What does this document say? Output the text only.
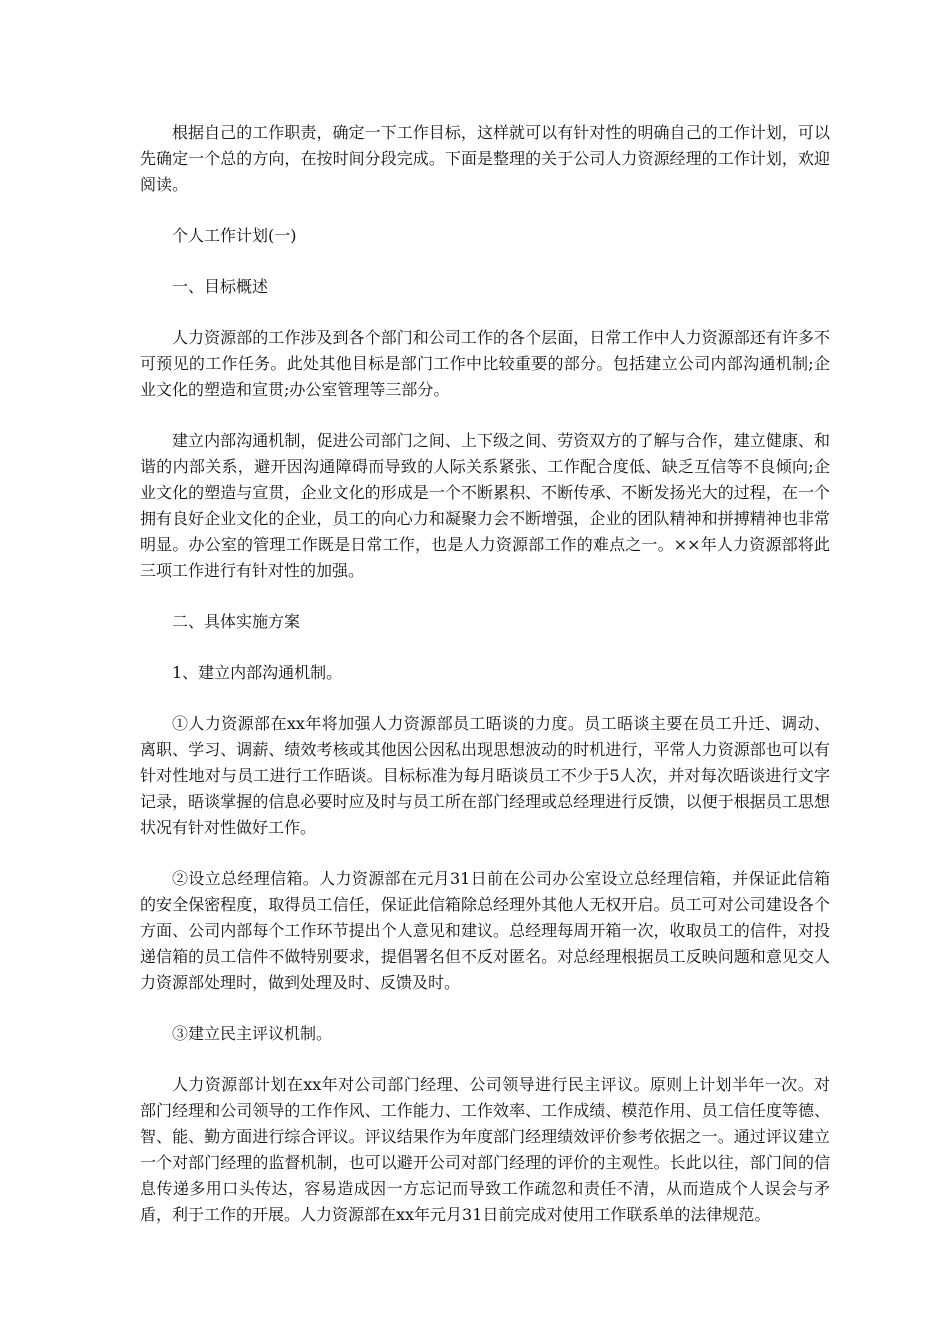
根据自己的工作职责，确定一下工作目标，这样就可以有针对性的明确自己的工作计划，可以先确定一个总的方向，在按时间分段完成。下面是整理的关于公司人力资源经理的工作计划，欢迎阅读。

个人工作计划(一)

一、目标概述

人力资源部的工作涉及到各个部门和公司工作的各个层面，日常工作中人力资源部还有许多不可预见的工作任务。此处其他目标是部门工作中比较重要的部分。包括建立公司内部沟通机制;企业文化的塑造和宣贯;办公室管理等三部分。

建立内部沟通机制，促进公司部门之间、上下级之间、劳资双方的了解与合作，建立健康、和谐的内部关系，避开因沟通障碍而导致的人际关系紧张、工作配合度低、缺乏互信等不良倾向;企业文化的塑造与宣贯，企业文化的形成是一个不断累积、不断传承、不断发扬光大的过程，在一个拥有良好企业文化的企业，员工的向心力和凝聚力会不断增强，企业的团队精神和拼搏精神也非常明显。办公室的管理工作既是日常工作，也是人力资源部工作的难点之一。××年人力资源部将此三项工作进行有针对性的加强。

二、具体实施方案

1、建立内部沟通机制。

①人力资源部在xx年将加强人力资源部员工晤谈的力度。员工晤谈主要在员工升迁、调动、离职、学习、调薪、绩效考核或其他因公因私出现思想波动的时机进行，平常人力资源部也可以有针对性地对与员工进行工作晤谈。目标标准为每月晤谈员工不少于5人次，并对每次晤谈进行文字记录，晤谈掌握的信息必要时应及时与员工所在部门经理或总经理进行反馈，以便于根据员工思想状况有针对性做好工作。

②设立总经理信箱。人力资源部在元月31日前在公司办公室设立总经理信箱，并保证此信箱的安全保密程度，取得员工信任，保证此信箱除总经理外其他人无权开启。员工可对公司建设各个方面、公司内部每个工作环节提出个人意见和建议。总经理每周开箱一次，收取员工的信件，对投递信箱的员工信件不做特别要求，提倡署名但不反对匿名。对总经理根据员工反映问题和意见交人力资源部处理时，做到处理及时、反馈及时。

③建立民主评议机制。

人力资源部计划在xx年对公司部门经理、公司领导进行民主评议。原则上计划半年一次。对部门经理和公司领导的工作作风、工作能力、工作效率、工作成绩、模范作用、员工信任度等德、智、能、勤方面进行综合评议。评议结果作为年度部门经理绩效评价参考依据之一。通过评议建立一个对部门经理的监督机制，也可以避开公司对部门经理的评价的主观性。长此以往，部门间的信息传递多用口头传达，容易造成因一方忘记而导致工作疏忽和责任不清，从而造成个人误会与矛盾，利于工作的开展。人力资源部在xx年元月31日前完成对使用工作联系单的法律规范。
